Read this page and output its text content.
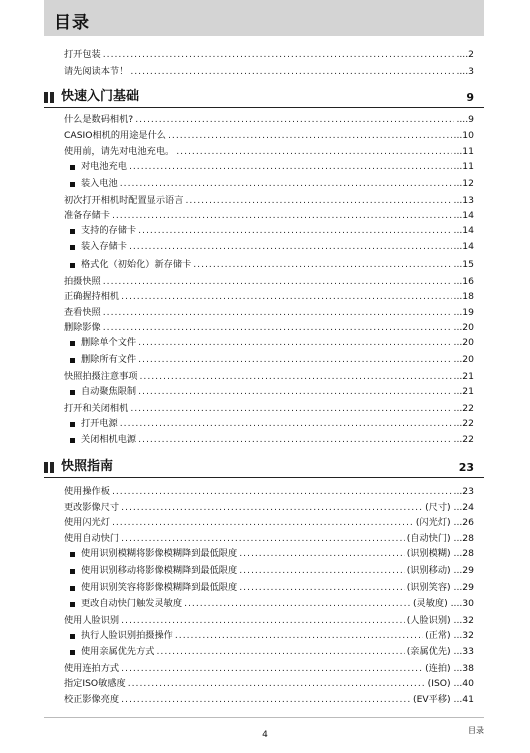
目录
打开包装 .....	....2
请先阅读本节！ .....	....3
快速入门基础	9
什么是数码相机? .....	....9
CASIO相机的用途是什么 .....	...10
使用前，请先对电池充电。 .....	...11
对电池充电 .....	...11
装入电池 .....	...12
初次打开相机时配置显示语言 .....	...13
准备存储卡 .....	...14
支持的存储卡 .....	...14
装入存储卡 .....	...14
格式化（初始化）新存储卡 .....	...15
拍摄快照 .....	...16
正确握持相机 .....	...18
查看快照 .....	...19
删除影像 .....	...20
删除单个文件 .....	...20
删除所有文件 .....	...20
快照拍摄注意事项 .....	...21
自动聚焦限制 .....	...21
打开和关闭相机 .....	...22
打开电源 .....	...22
关闭相机电源 .....	...22
快照指南	23
使用操作板 .....	...23
更改影像尺寸 .....	(尺寸) ...24
使用闪光灯 .....	(闪光灯) ...26
使用自动快门 .....	(自动快门) ...28
使用识别模糊将影像模糊降到最低限度 .....	(识别模糊) ...28
使用识别移动将影像模糊降到最低限度 .....	(识别移动) ...29
使用识别笑容将影像模糊降到最低限度 .....	(识别笑容) ...29
更改自动快门触发灵敏度 .....	(灵敏度) ....30
使用人脸识别 .....	(人脸识别) ...32
执行人脸识别拍摄操作 .....	(正常) ...32
使用亲属优先方式 .....	(亲属优先) ...33
使用连拍方式 .....	(连拍) ...38
指定ISO敏感度 .....	(ISO) ...40
校正影像亮度 .....	(EV平移) ...41
4	目录
